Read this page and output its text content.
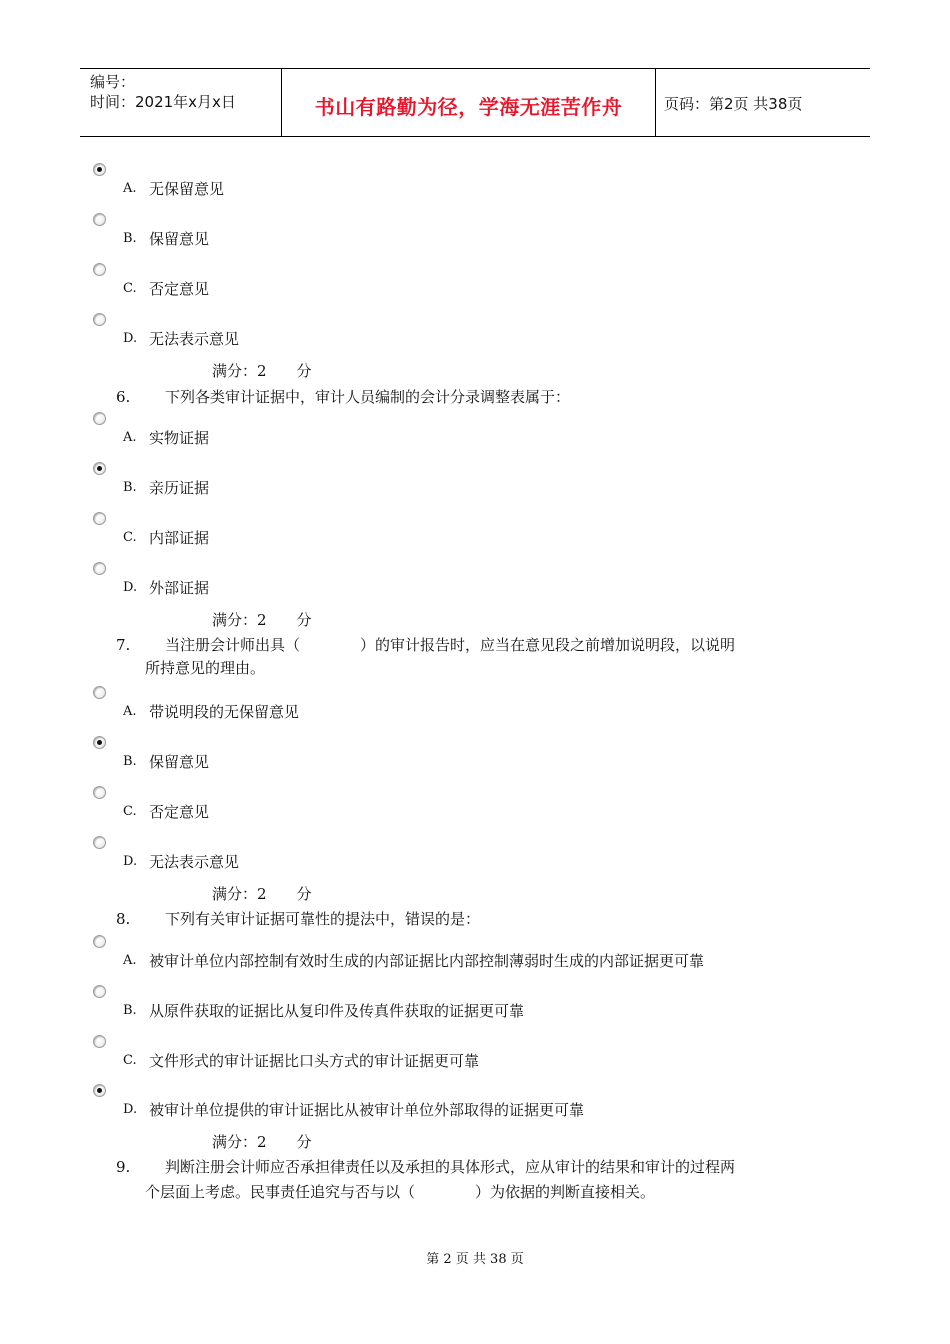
编号：
时间：2021年x月x日	书山有路勤为径，学海无涯苦作舟	页码：第2页 共38页
A. 无保留意见
B. 保留意见
C. 否定意见
D. 无法表示意见
满分：2　　分
6. 下列各类审计证据中，审计人员编制的会计分录调整表属于：
A. 实物证据
B. 亲历证据
C. 内部证据
D. 外部证据
满分：2　　分
7. 当注册会计师出具（　　　　）的审计报告时，应当在意见段之前增加说明段，以说明
所持意见的理由。
A. 带说明段的无保留意见
B. 保留意见
C. 否定意见
D. 无法表示意见
满分：2　　分
8. 下列有关审计证据可靠性的提法中，错误的是：
A. 被审计单位内部控制有效时生成的内部证据比内部控制薄弱时生成的内部证据更可靠
B. 从原件获取的证据比从复印件及传真件获取的证据更可靠
C. 文件形式的审计证据比口头方式的审计证据更可靠
D. 被审计单位提供的审计证据比从被审计单位外部取得的证据更可靠
满分：2　　分
9. 判断注册会计师应否承担律责任以及承担的具体形式，应从审计的结果和审计的过程两
个层面上考虑。民事责任追究与否与以（　　　　）为依据的判断直接相关。
第 2 页 共 38 页
